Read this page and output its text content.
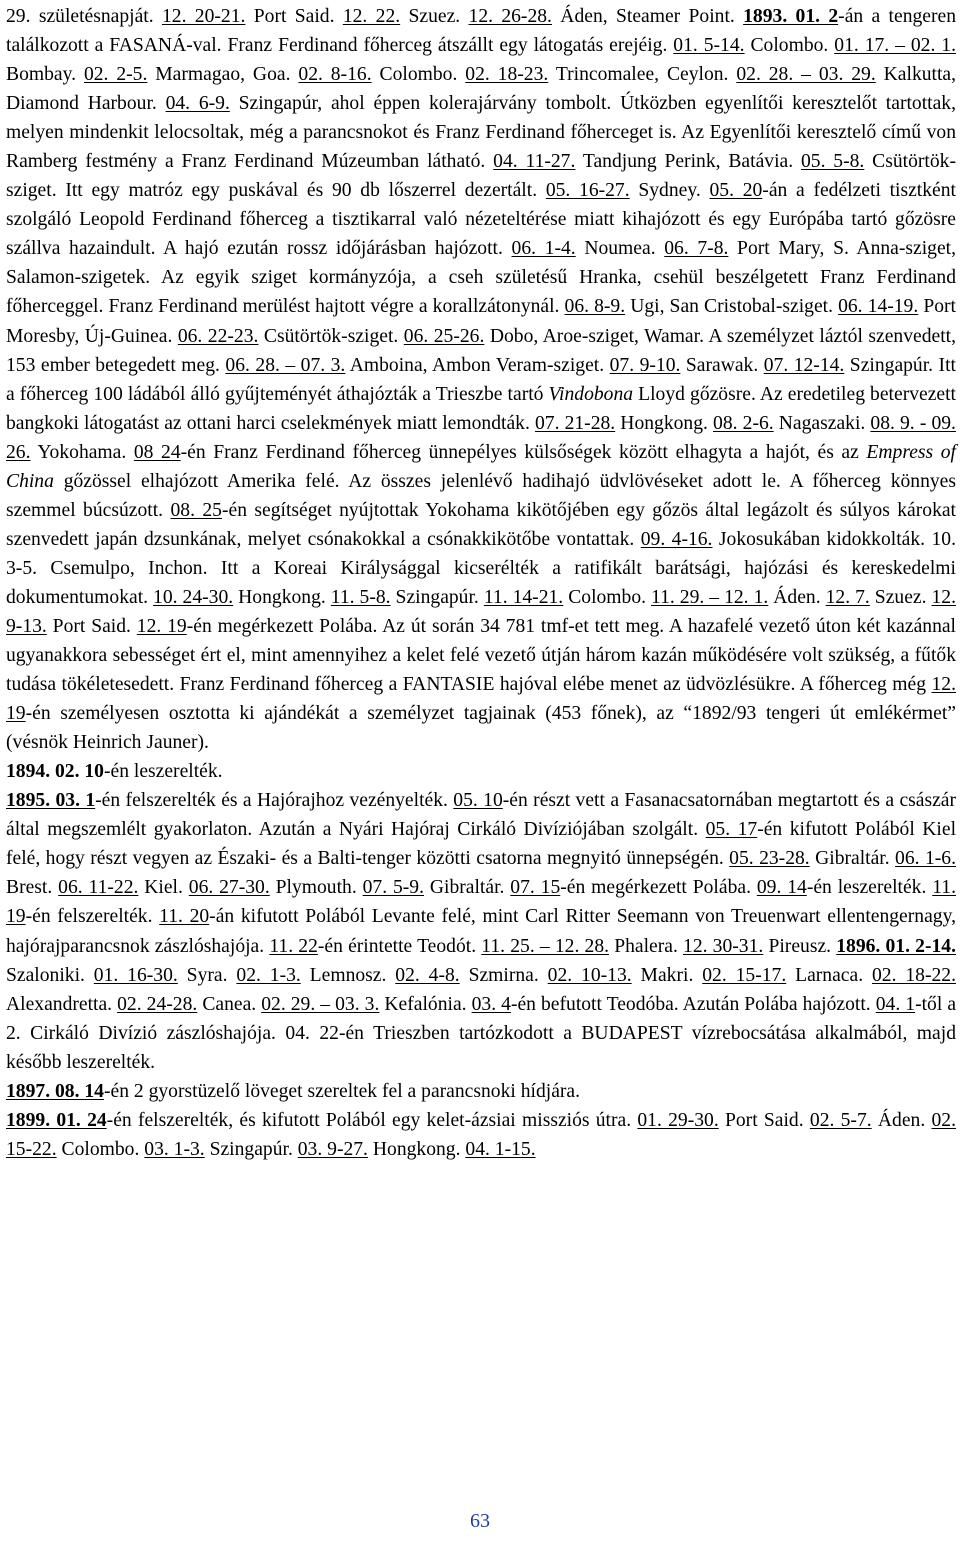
29. születésnapját. 12. 20-21. Port Said. 12. 22. Szuez. 12. 26-28. Áden, Steamer Point. 1893. 01. 2-án a tengeren találkozott a FASANÁ-val. Franz Ferdinand főherceg átszállt egy látogatás erejéig. 01. 5-14. Colombo. 01. 17. – 02. 1. Bombay. 02. 2-5. Marmagao, Goa. 02. 8-16. Colombo. 02. 18-23. Trincomalee, Ceylon. 02. 28. – 03. 29. Kalkutta, Diamond Harbour. 04. 6-9. Szingapúr, ahol éppen kolerajárvány tombolt. Útközben egyenlítői keresztelőt tartottak, melyen mindenkit lelocsoltak, még a parancsnokot és Franz Ferdinand főherceget is. Az Egyenlítői keresztelő című von Ramberg festmény a Franz Ferdinand Múzeumban látható. 04. 11-27. Tandjung Perink, Batávia. 05. 5-8. Csütörtök-sziget. Itt egy matróz egy puskával és 90 db lőszerrel dezertált. 05. 16-27. Sydney. 05. 20-án a fedélzeti tisztként szolgáló Leopold Ferdinand főherceg a tisztikarral való nézeteltérése miatt kihajózott és egy Európába tartó gőzösre szállva hazaindult. A hajó ezután rossz időjárásban hajózott. 06. 1-4. Noumea. 06. 7-8. Port Mary, S. Anna-sziget, Salamon-szigetek. Az egyik sziget kormányzója, a cseh születésű Hranka, csehül beszélgetett Franz Ferdinand főherceggel. Franz Ferdinand merülést hajtott végre a korallzátonynál. 06. 8-9. Ugi, San Cristobal-sziget. 06. 14-19. Port Moresby, Új-Guinea. 06. 22-23. Csütörtök-sziget. 06. 25-26. Dobo, Aroe-sziget, Wamar. A személyzet láztól szenvedett, 153 ember betegedett meg. 06. 28. – 07. 3. Amboina, Ambon Veram-sziget. 07. 9-10. Sarawak. 07. 12-14. Szingapúr. Itt a főherceg 100 ládából álló gyűjteményét áthajózták a Trieszbe tartó Vindobona Lloyd gőzösre. Az eredetileg betervezett bangkoki látogatást az ottani harci cselekmények miatt lemondták. 07. 21-28. Hongkong. 08. 2-6. Nagaszaki. 08. 9. - 09. 26. Yokohama. 08 24-én Franz Ferdinand főherceg ünnepélyes külsőségek között elhagyta a hajót, és az Empress of China gőzössel elhajózott Amerika felé. Az összes jelenlévő hadihajó üdvlövéseket adott le. A főherceg könnyes szemmel búcsúzott. 08. 25-én segítséget nyújtottak Yokohama kikötőjében egy gőzös által legázolt és súlyos károkat szenvedett japán dzsunkának, melyet csónakokkal a csónakkikötőbe vontattak. 09. 4-16. Jokosukában kidokkolták. 10. 3-5. Csemulpo, Inchon. Itt a Koreai Királysággal kicserélték a ratifikált barátsági, hajózási és kereskedelmi dokumentumokat. 10. 24-30. Hongkong. 11. 5-8. Szingapúr. 11. 14-21. Colombo. 11. 29. – 12. 1. Áden. 12. 7. Szuez. 12. 9-13. Port Said. 12. 19-én megérkezett Polába. Az út során 34 781 tmf-et tett meg. A hazafelé vezető úton két kazánnal ugyanakkora sebességet ért el, mint amennyihez a kelet felé vezető útján három kazán működésére volt szükség, a fűtők tudása tökéletesedett. Franz Ferdinand főherceg a FANTASIE hajóval elébe menet az üdvözlésükre. A főherceg még 12. 19-én személyesen osztotta ki ajándékát a személyzet tagjainak (453 főnek), az “1892/93 tengeri út emlékérmet” (vésnök Heinrich Jauner).

1894. 02. 10-én leszerelték.

1895. 03. 1-én felszerelték és a Hajórajhoz vezényelték. 05. 10-én részt vett a Fasanacsatornában megtartott és a császár által megszemlélt gyakorlaton. Azután a Nyári Hajóraj Cirkáló Divíziójában szolgált. 05. 17-én kifutott Polából Kiel felé, hogy részt vegyen az Északi- és a Balti-tenger közötti csatorna megnyitó ünnepségén. 05. 23-28. Gibraltár. 06. 1-6. Brest. 06. 11-22. Kiel. 06. 27-30. Plymouth. 07. 5-9. Gibraltár. 07. 15-én megérkezett Polába. 09. 14-én leszerelték. 11. 19-én felszerelték. 11. 20-án kifutott Polából Levante felé, mint Carl Ritter Seemann von Treuenwart ellentengernagy, hajórajparancsnok zászlóshajója. 11. 22-én érintette Teodót. 11. 25. – 12. 28. Phalera. 12. 30-31. Pireusz. 1896. 01. 2-14. Szaloniki. 01. 16-30. Syra. 02. 1-3. Lemnosz. 02. 4-8. Szmirna. 02. 10-13. Makri. 02. 15-17. Larnaca. 02. 18-22. Alexandretta. 02. 24-28. Canea. 02. 29. – 03. 3. Kefalónia. 03. 4-én befutott Teodóba. Azután Polába hajózott. 04. 1-től a 2. Cirkáló Divízió zászlóshajója. 04. 22-én Trieszben tartózkodott a BUDAPEST vízrebocsátása alkalmából, majd később leszerelték.

1897. 08. 14-én 2 gyorstüzelő löveget szereltek fel a parancsnoki hídjára.

1899. 01. 24-én felszerelték, és kifutott Polából egy kelet-ázsiai missziós útra. 01. 29-30. Port Said. 02. 5-7. Áden. 02. 15-22. Colombo. 03. 1-3. Szingapúr. 03. 9-27. Hongkong. 04. 1-15.

63
